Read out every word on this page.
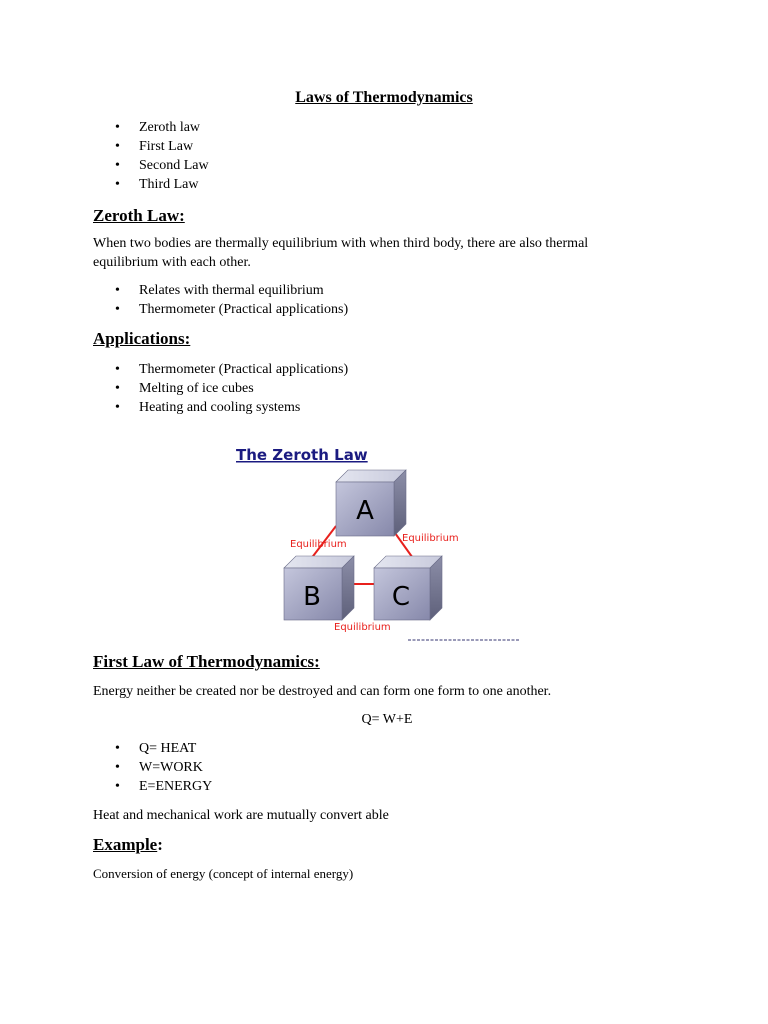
Laws of Thermodynamics
• Zeroth law
• First Law
• Second Law
• Third Law
Zeroth Law:

When two bodies are thermally equilibrium with when third body, there are also thermal equilibrium with each other.

• Relates with thermal equilibrium
• Thermometer (Practical applications)
Applications:
• Thermometer (Practical applications)
• Melting of ice cubes
• Heating and cooling systems
The Zeroth Law
A
B	C
Equilibrium
Equilibrium
Equilibrium
First Law of Thermodynamics:

Energy neither be created nor be destroyed and can form one form to one another.

Q= W+E

• Q= HEAT
• W=WORK
• E=ENERGY

Heat and mechanical work are mutually convert able

Example:

Conversion of energy (concept of internal energy)
